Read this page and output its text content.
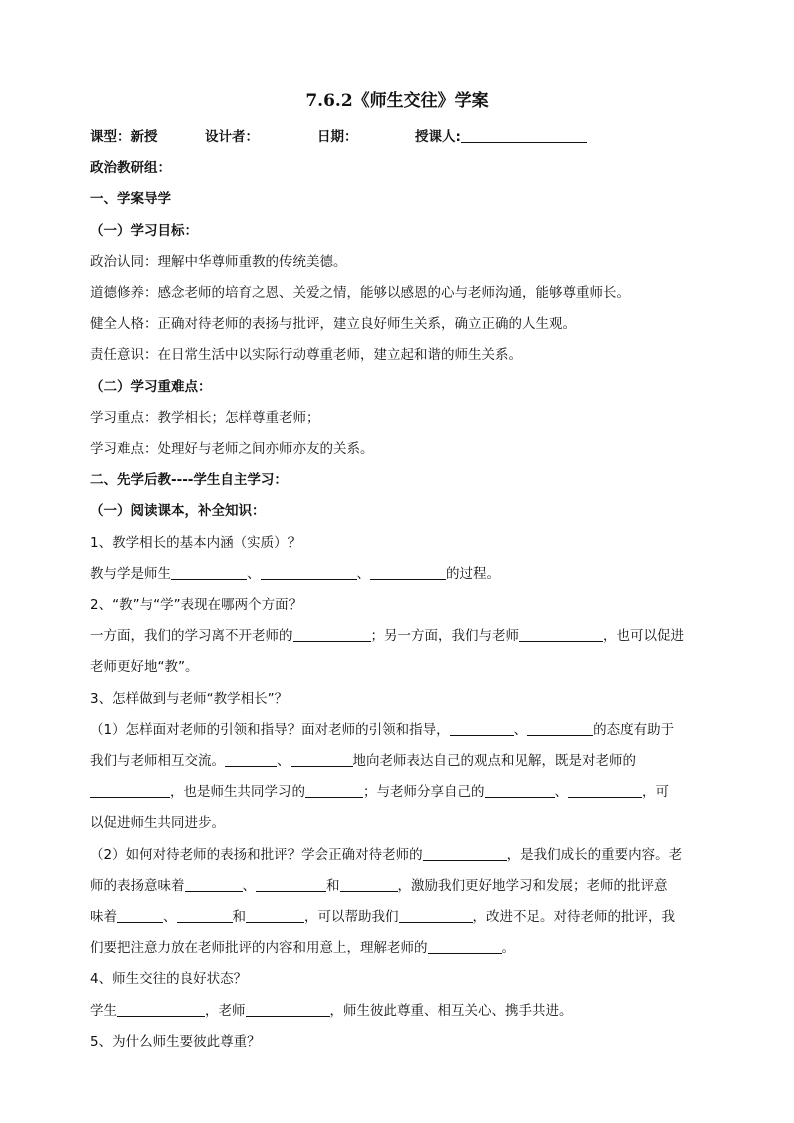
7.6.2《师生交往》学案
课型：新授	设计者：	日期：	授课人:
政治教研组：
一、学案导学
（一）学习目标：
政治认同：理解中华尊师重教的传统美德。
道德修养：感念老师的培育之恩、关爱之情，能够以感恩的心与老师沟通，能够尊重师长。
健全人格：正确对待老师的表扬与批评，建立良好师生关系，确立正确的人生观。
责任意识：在日常生活中以实际行动尊重老师，建立起和谐的师生关系。
（二）学习重难点：
学习重点：教学相长；怎样尊重老师；
学习难点：处理好与老师之间亦师亦友的关系。
二、先学后教----学生自主学习：
（一）阅读课本，补全知识：
1、教学相长的基本内涵（实质）？
教与学是师生	、	、	的过程。
2、“教”与“学”表现在哪两个方面？
一方面，我们的学习离不开老师的	；另一方面，我们与老师	，也可以促进
老师更好地“教”。
3、怎样做到与老师“教学相长”？
（1）怎样面对老师的引领和指导？面对老师的引领和指导，	、	的态度有助于
我们与老师相互交流。	、	地向老师表达自己的观点和见解，既是对老师的
，也是师生共同学习的	；与老师分享自己的	、	，可
以促进师生共同进步。
（2）如何对待老师的表扬和批评？学会正确对待老师的	，是我们成长的重要内容。老
师的表扬意味着	、	和	，激励我们更好地学习和发展；老师的批评意
味着	、	和	，可以帮助我们	，改进不足。对待老师的批评，我
们要把注意力放在老师批评的内容和用意上，理解老师的	。
4、师生交往的良好状态？
学生	，老师	，师生彼此尊重、相互关心、携手共进。
5、为什么师生要彼此尊重？
